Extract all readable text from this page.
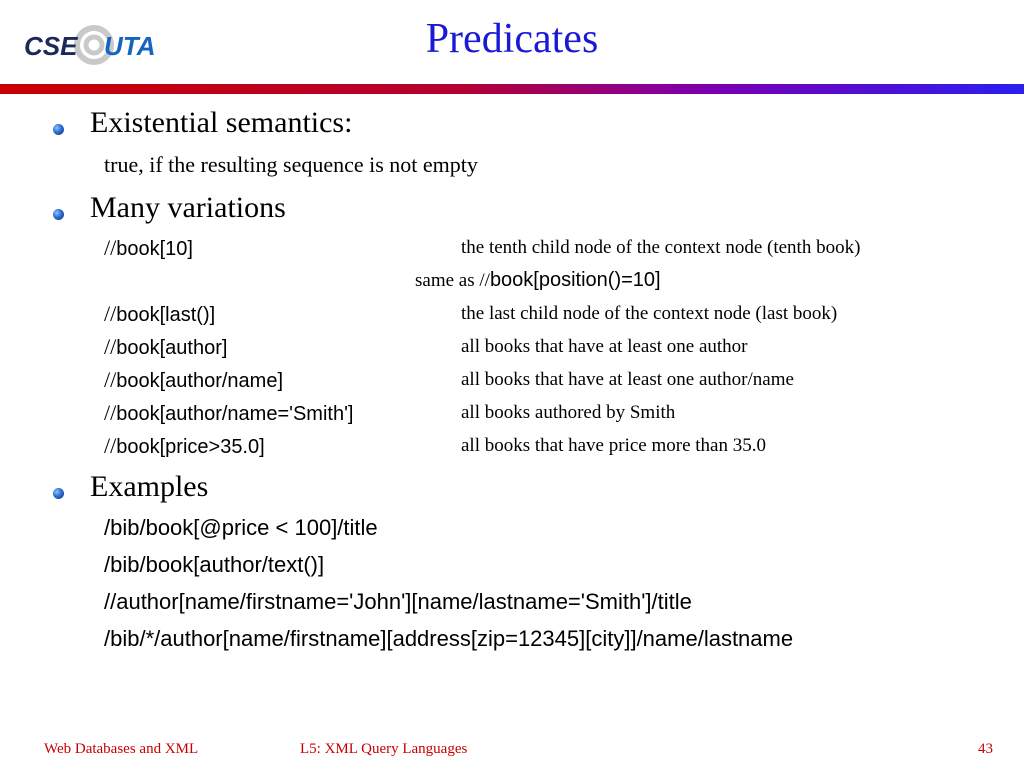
CSE UTA	Predicates
Existential semantics:
true, if the resulting sequence is not empty
Many variations
//book[10]	the tenth child node of the context node (tenth book)
same as //book[position()=10]
//book[last()]	the last child node of the context node (last book)
//book[author]	all books that have at least one author
//book[author/name]	all books that have at least one author/name
//book[author/name='Smith']	all books authored by Smith
//book[price>35.0]	all books that have price more than 35.0
Examples
/bib/book[@price < 100]/title
/bib/book[author/text()]
//author[name/firstname='John'][name/lastname='Smith']/title
/bib/*/author[name/firstname][address[zip=12345][city]]/name/lastname
Web Databases and XML	L5: XML Query Languages	43
